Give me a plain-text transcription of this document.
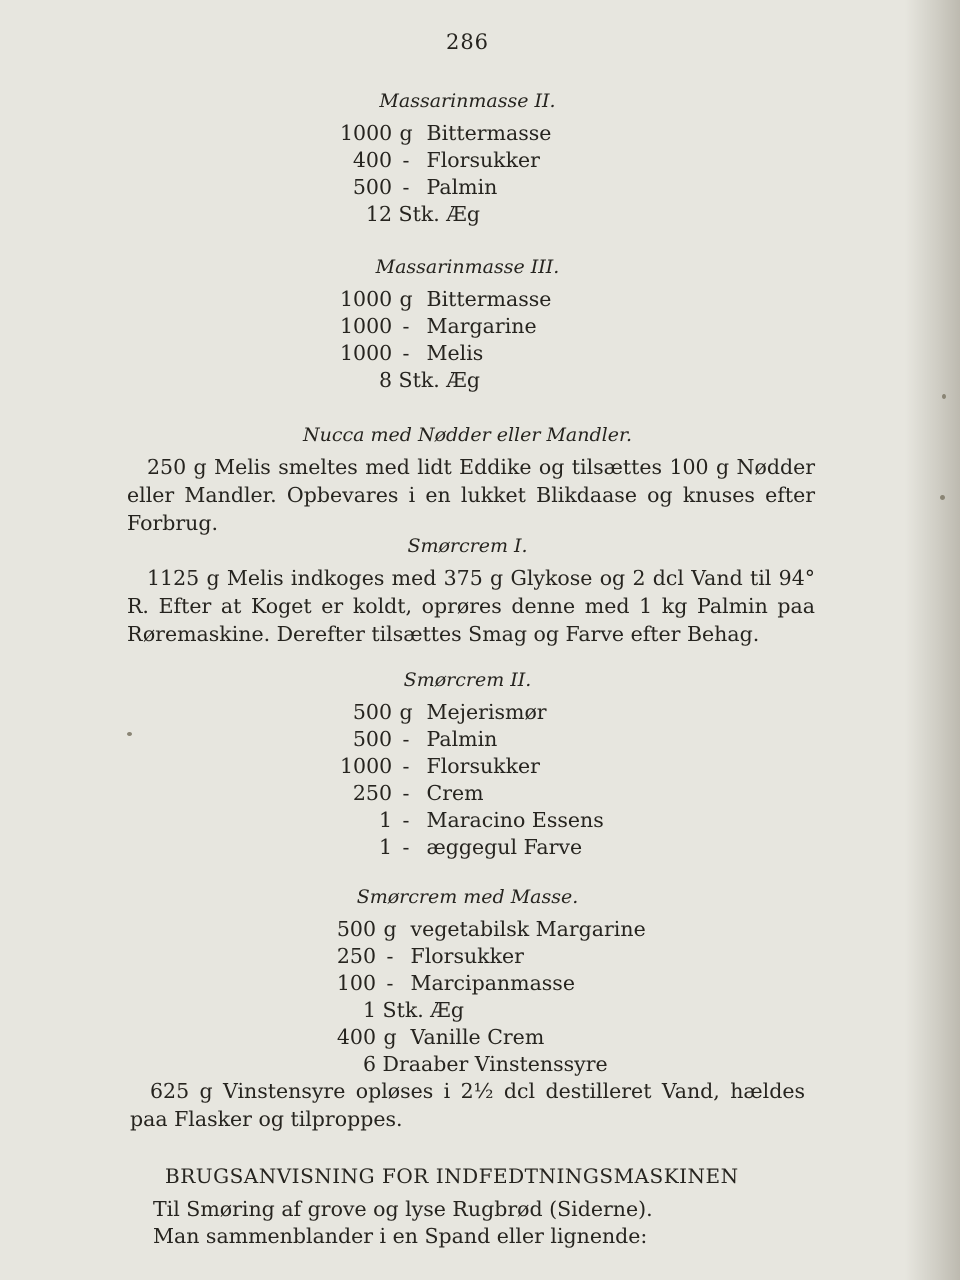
286
Massarinmasse II.
1000 g Bittermasse
400 - Florsukker
500 - Palmin
12 Stk. Æg
Massarinmasse III.
1000 g Bittermasse
1000 - Margarine
1000 - Melis
8 Stk. Æg
Nucca med Nødder eller Mandler.
250 g Melis smeltes med lidt Eddike og tilsættes 100 g Nødder eller Mandler. Opbevares i en lukket Blikdaase og knuses efter Forbrug.
Smørcrem I.
1125 g Melis indkoges med 375 g Glykose og 2 dcl Vand til 94° R. Efter at Koget er koldt, oprøres denne med 1 kg Palmin paa Røremaskine. Derefter tilsættes Smag og Farve efter Behag.
Smørcrem II.
500 g Mejerismør
500 - Palmin
1000 - Florsukker
250 - Crem
1 - Maracino Essens
1 - æggegul Farve
Smørcrem med Masse.
500 g vegetabilsk Margarine
250 - Florsukker
100 - Marcipanmasse
1 Stk. Æg
400 g Vanille Crem
6 Draaber Vinstenssyre
625 g Vinstensyre opløses i 2½ dcl destilleret Vand, hældes paa Flasker og tilproppes.
BRUGSANVISNING FOR INDFEDTNINGSMASKINEN
Til Smøring af grove og lyse Rugbrød (Siderne).
Man sammenblander i en Spand eller lignende:
